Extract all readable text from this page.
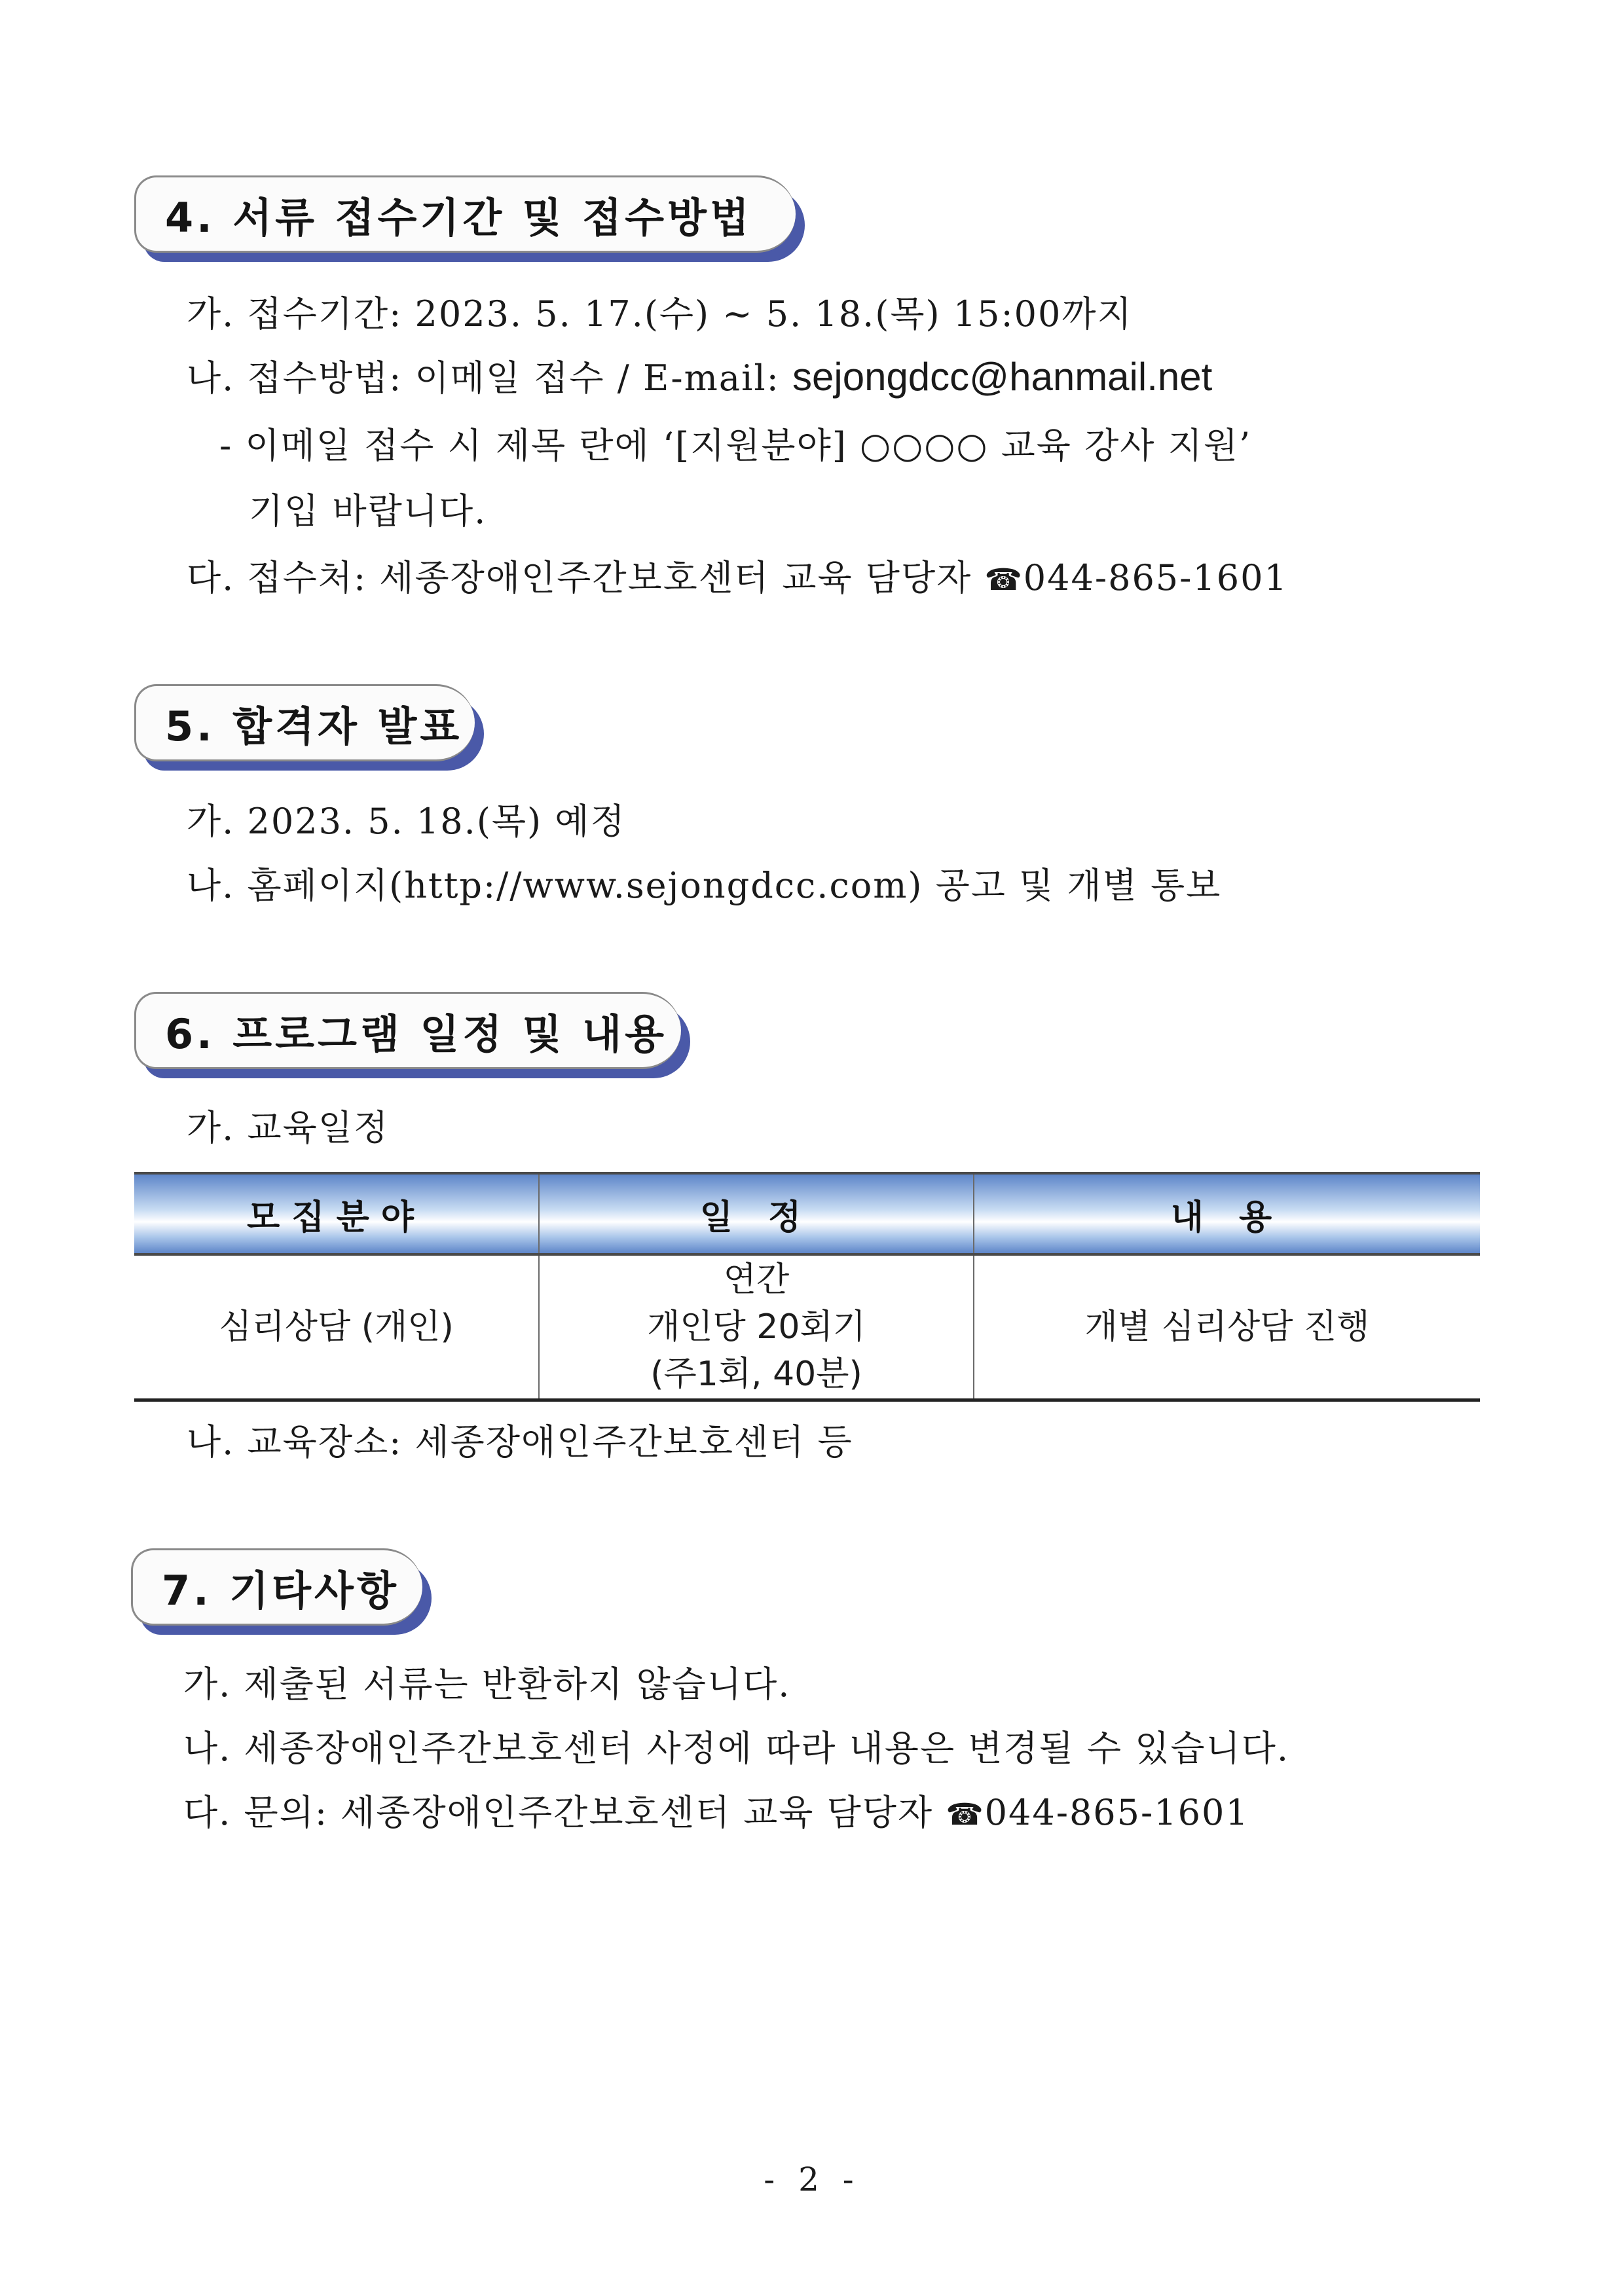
4. 서류 접수기간 및 접수방법
가. 접수기간: 2023. 5. 17.(수) ~ 5. 18.(목) 15:00까지
나. 접수방법: 이메일 접수 / E-mail: sejongdcc@hanmail.net
- 이메일 접수 시 제목 란에 ‘[지원분야] ○○○○ 교육 강사 지원’
기입 바랍니다.
다. 접수처: 세종장애인주간보호센터 교육 담당자 ☎044-865-1601
5. 합격자 발표
가. 2023. 5. 18.(목) 예정
나. 홈페이지(http://www.sejongdcc.com) 공고 및 개별 통보
6. 프로그램 일정 및 내용
가. 교육일정
모집분야	일 정	내 용
심리상담 (개인)	연간
개인당 20회기
(주1회, 40분)	개별 심리상담 진행
나. 교육장소: 세종장애인주간보호센터 등
7. 기타사항
가. 제출된 서류는 반환하지 않습니다.
나. 세종장애인주간보호센터 사정에 따라 내용은 변경될 수 있습니다.
다. 문의: 세종장애인주간보호센터 교육 담당자 ☎044-865-1601
- 2 -
